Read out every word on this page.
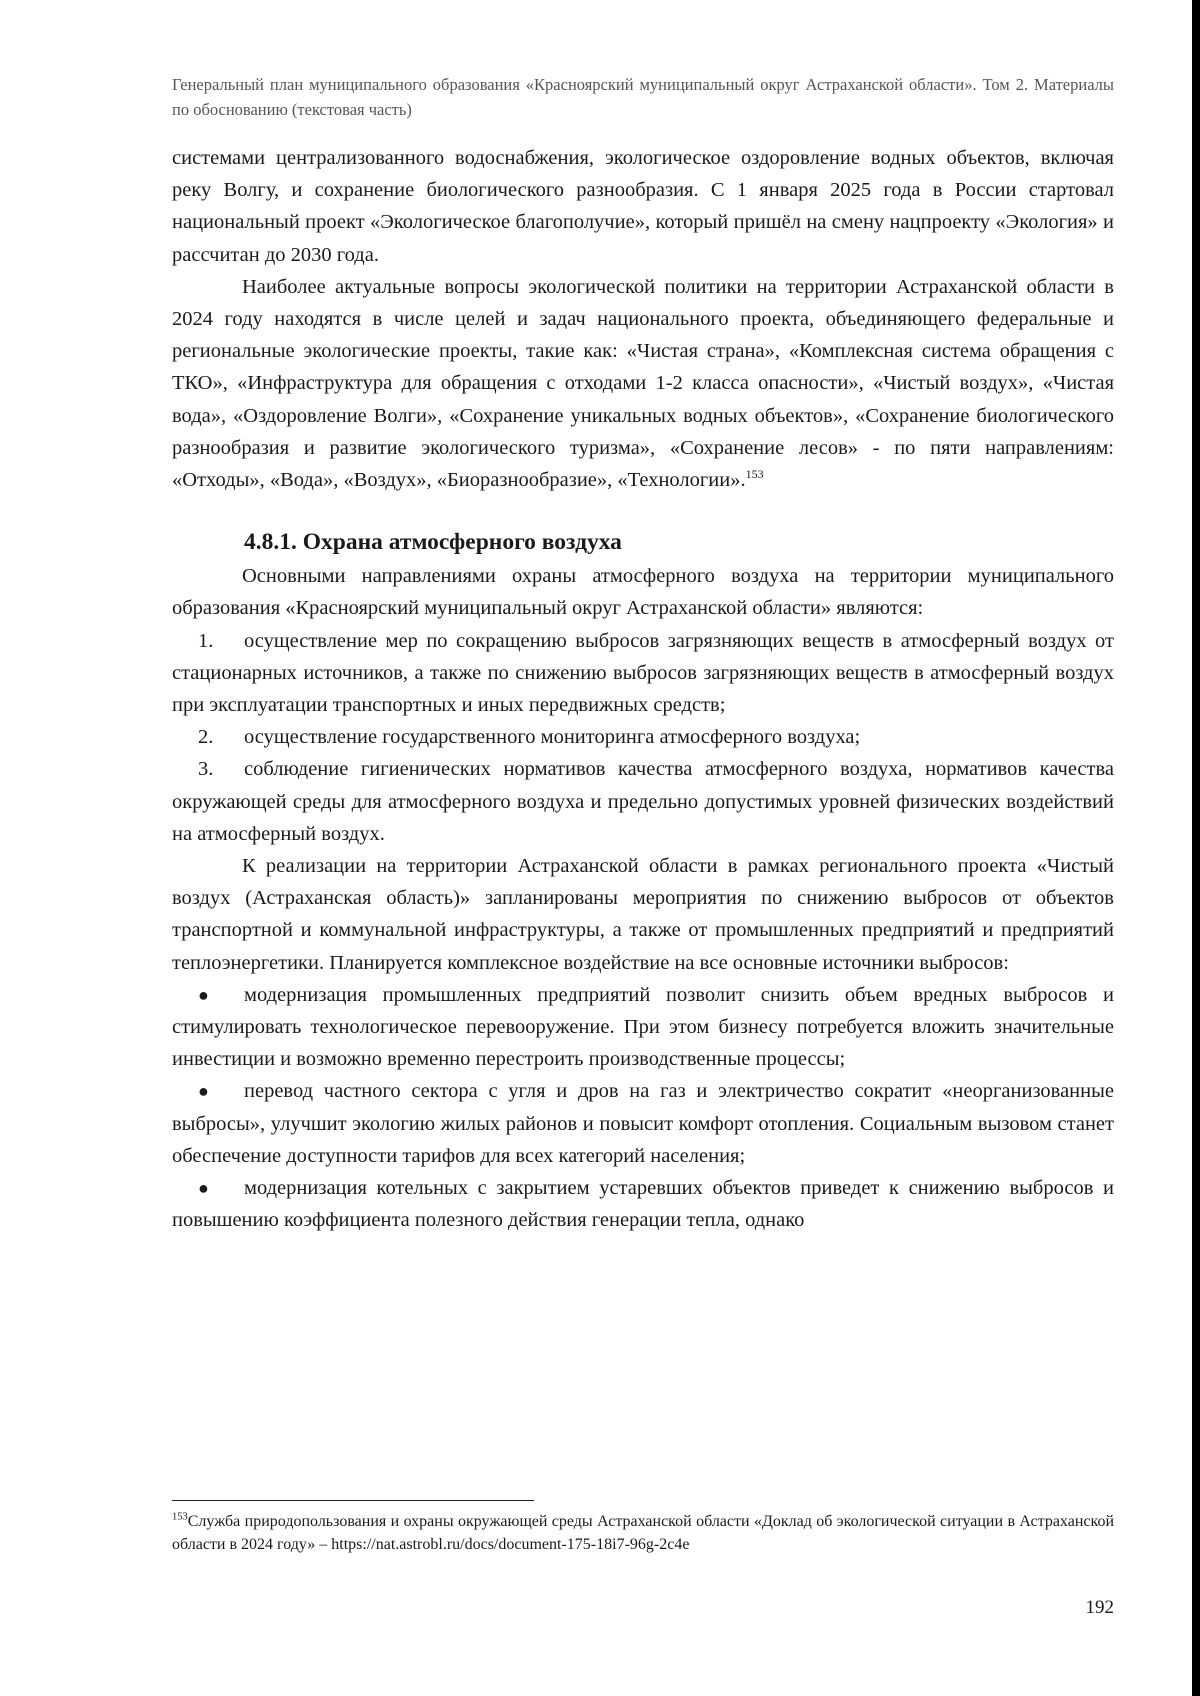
Генеральный план муниципального образования «Красноярский муниципальный округ Астраханской области». Том 2. Материалы по обоснованию (текстовая часть)

системами централизованного водоснабжения, экологическое оздоровление водных объектов, включая реку Волгу, и сохранение биологического разнообразия. С 1 января 2025 года в России стартовал национальный проект «Экологическое благополучие», который пришёл на смену нацпроекту «Экология» и рассчитан до 2030 года.

Наиболее актуальные вопросы экологической политики на территории Астраханской области в 2024 году находятся в числе целей и задач национального проекта, объединяющего федеральные и региональные экологические проекты, такие как: «Чистая страна», «Комплексная система обращения с ТКО», «Инфраструктура для обращения с отходами 1-2 класса опасности», «Чистый воздух», «Чистая вода», «Оздоровление Волги», «Сохранение уникальных водных объектов», «Сохранение биологического разнообразия и развитие экологического туризма», «Сохранение лесов» - по пяти направлениям: «Отходы», «Вода», «Воздух», «Биоразнообразие», «Технологии».$^{153}$

4.8.1. Охрана атмосферного воздуха

Основными направлениями охраны атмосферного воздуха на территории муниципального образования «Красноярский муниципальный округ Астраханской области» являются:

1. осуществление мер по сокращению выбросов загрязняющих веществ в атмосферный воздух от стационарных источников, а также по снижению выбросов загрязняющих веществ в атмосферный воздух при эксплуатации транспортных и иных передвижных средств;

2. осуществление государственного мониторинга атмосферного воздуха;

3. соблюдение гигиенических нормативов качества атмосферного воздуха, нормативов качества окружающей среды для атмосферного воздуха и предельно допустимых уровней физических воздействий на атмосферный воздух.

К реализации на территории Астраханской области в рамках регионального проекта «Чистый воздух (Астраханская область)» запланированы мероприятия по снижению выбросов от объектов транспортной и коммунальной инфраструктуры, а также от промышленных предприятий и предприятий теплоэнергетики. Планируется комплексное воздействие на все основные источники выбросов:

● модернизация промышленных предприятий позволит снизить объем вредных выбросов и стимулировать технологическое перевооружение. При этом бизнесу потребуется вложить значительные инвестиции и возможно временно перестроить производственные процессы;

● перевод частного сектора с угля и дров на газ и электричество сократит «неорганизованные выбросы», улучшит экологию жилых районов и повысит комфорт отопления. Социальным вызовом станет обеспечение доступности тарифов для всех категорий населения;

● модернизация котельных с закрытием устаревших объектов приведет к снижению выбросов и повышению коэффициента полезного действия генерации тепла, однако

$^{153}$Служба природопользования и охраны окружающей среды Астраханской области «Доклад об экологической ситуации в Астраханской области в 2024 году» – https://nat.astrobl.ru/docs/document-175-18i7-96g-2c4e
192
